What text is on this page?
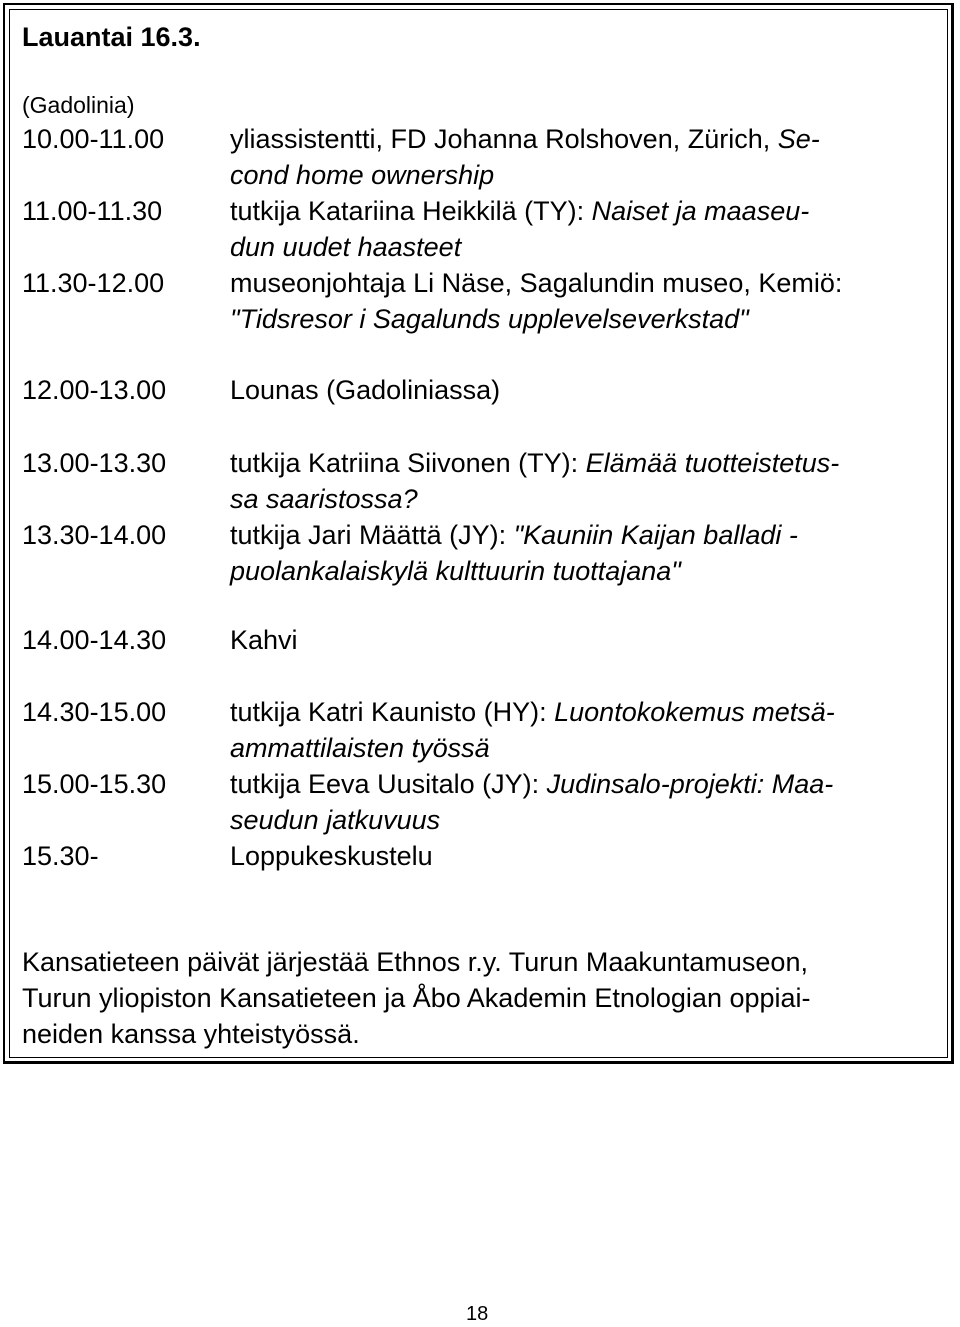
Lauantai 16.3.
(Gadolinia)
10.00-11.00 yliassistentti, FD Johanna Rolshoven, Zürich, Se-
cond home ownership
11.00-11.30	tutkija Katariina Heikkilä (TY): Naiset ja maaseu-
dun uudet haasteet
11.30-12.00 museonjohtaja Li Näse, Sagalundin museo, Kemiö:
"Tidsresor i Sagalunds upplevelseverkstad"
12.00-13.00 Lounas (Gadoliniassa)
13.00-13.30 tutkija Katriina Siivonen (TY): Elämää tuotteistetus-
sa saaristossa?
13.30-14.00 tutkija Jari Määttä (JY): "Kauniin Kaijan balladi -
puolankalaiskylä kulttuurin tuottajana"
14.00-14.30 Kahvi
14.30-15.00 tutkija Katri Kaunisto (HY): Luontokokemus metsä-
ammattilaisten työssä
15.00-15.30 tutkija Eeva Uusitalo (JY): Judinsalo-projekti: Maa-
seudun jatkuvuus
15.30-	Loppukeskustelu
Kansatieteen päivät järjestää Ethnos r.y. Turun Maakuntamuseon,
Turun yliopiston Kansatieteen ja Åbo Akademin Etnologian oppiai-
neiden kanssa yhteistyössä.
18
